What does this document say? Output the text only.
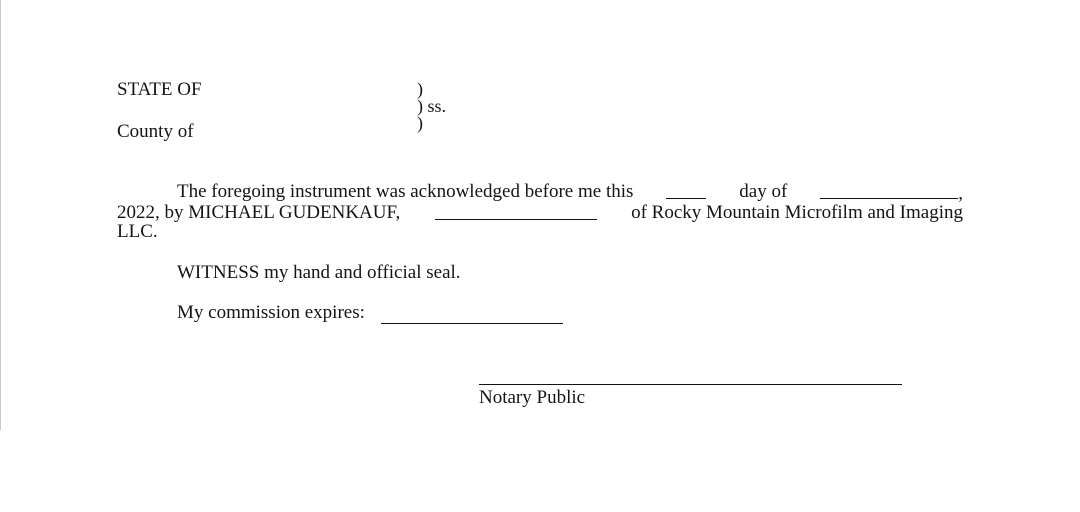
STATE OF
County of
)
) ss.
)
The foregoing instrument was acknowledged before me this	day of	,
2022, by MICHAEL GUDENKAUF,	of Rocky Mountain Microfilm and Imaging
LLC.
WITNESS my hand and official seal.
My commission expires:
Notary Public
